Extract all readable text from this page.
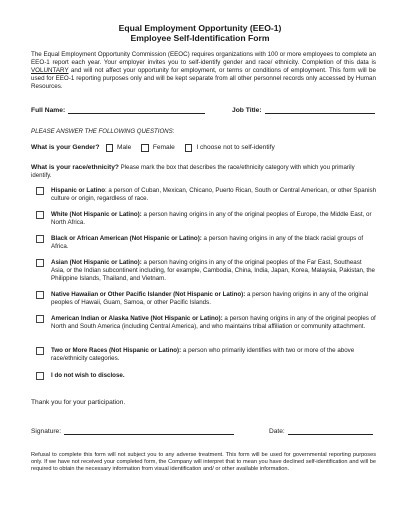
Equal Employment Opportunity (EEO-1)
Employee Self-Identification Form
The Equal Employment Opportunity Commission (EEOC) requires organizations with 100 or more employees to complete an EEO-1 report each year. Your employer invites you to self-identify gender and race/ ethnicity. Completion of this data is VOLUNTARY and will not affect your opportunity for employment, or terms or conditions of employment. This form will be used for EEO-1 reporting purposes only and will be kept separate from all other personnel records only accessed by Human Resources.
Full Name:	Job Title:
PLEASE ANSWER THE FOLLOWING QUESTIONS:
What is your Gender?	Male	Female	I choose not to self-identify
What is your race/ethnicity? Please mark the box that describes the race/ethnicity category with which you primarily identify.
Hispanic or Latino: a person of Cuban, Mexican, Chicano, Puerto Rican, South or Central American, or other Spanish culture or origin, regardless of race.
White (Not Hispanic or Latino): a person having origins in any of the original peoples of Europe, the Middle East, or North Africa.
Black or African American (Not Hispanic or Latino): a person having origins in any of the black racial groups of Africa.
Asian (Not Hispanic or Latino): a person having origins in any of the original peoples of the Far East, Southeast Asia, or the Indian subcontinent including, for example, Cambodia, China, India, Japan, Korea, Malaysia, Pakistan, the Philippine Islands, Thailand, and Vietnam.
Native Hawaiian or Other Pacific Islander (Not Hispanic or Latino): a person having origins in any of the original peoples of Hawaii, Guam, Samoa, or other Pacific Islands.
American Indian or Alaska Native (Not Hispanic or Latino): a person having origins in any of the original peoples of North and South America (including Central America), and who maintains tribal affiliation or community attachment.
Two or More Races (Not Hispanic or Latino): a person who primarily identifies with two or more of the above race/ethnicity categories.
I do not wish to disclose.
Thank you for your participation.
Signature:	Date:
Refusal to complete this form will not subject you to any adverse treatment. This form will be used for governmental reporting purposes only. If we have not received your completed form, the Company will interpret that to mean you have declined self-identification and will be required to obtain the necessary information from visual identification and/ or other available information.
